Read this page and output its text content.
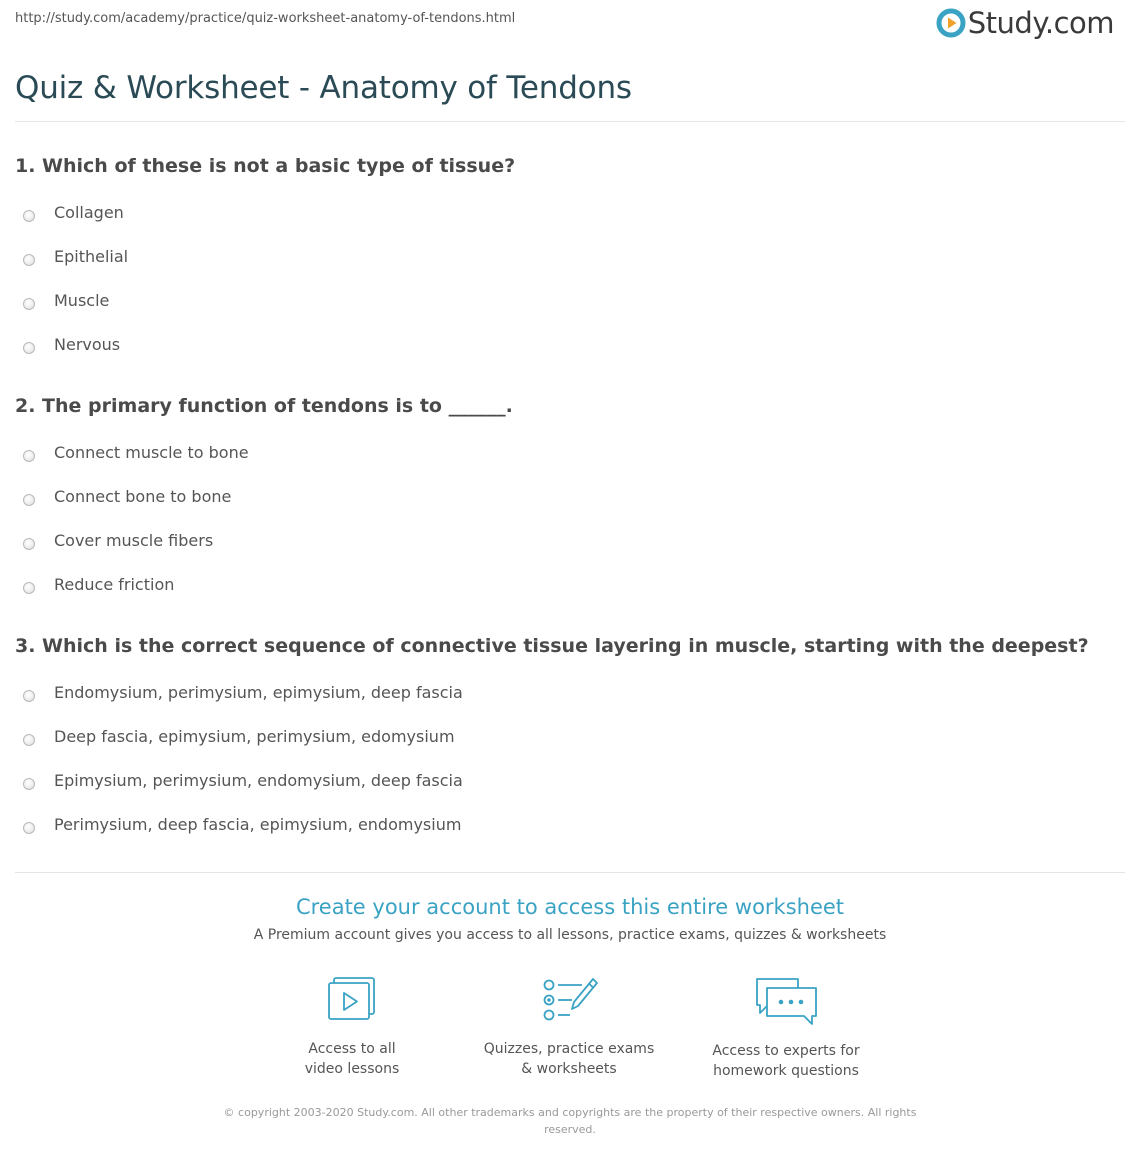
http://study.com/academy/practice/quiz-worksheet-anatomy-of-tendons.html	Study.com
Quiz & Worksheet - Anatomy of Tendons
1. Which of these is not a basic type of tissue?
Collagen
Epithelial
Muscle
Nervous
2. The primary function of tendons is to ______.
Connect muscle to bone
Connect bone to bone
Cover muscle fibers
Reduce friction
3. Which is the correct sequence of connective tissue layering in muscle, starting with the deepest?
Endomysium, perimysium, epimysium, deep fascia
Deep fascia, epimysium, perimysium, edomysium
Epimysium, perimysium, endomysium, deep fascia
Perimysium, deep fascia, epimysium, endomysium
Create your account to access this entire worksheet
A Premium account gives you access to all lessons, practice exams, quizzes & worksheets
Access to all
video lessons
Quizzes, practice exams
& worksheets
Access to experts for
homework questions
© copyright 2003-2020 Study.com. All other trademarks and copyrights are the property of their respective owners. All rights
reserved.
